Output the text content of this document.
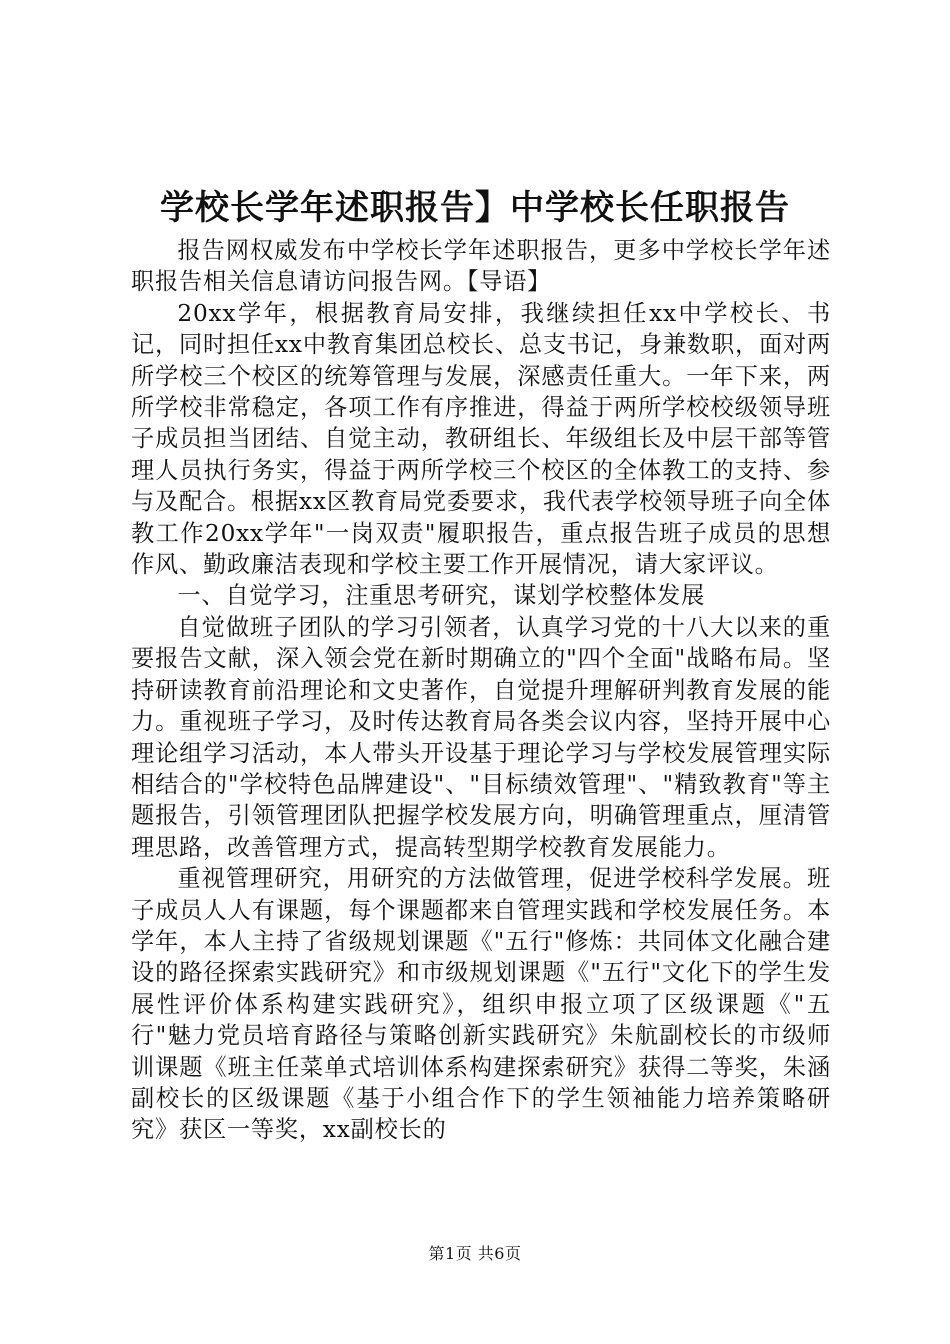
学校长学年述职报告】中学校长任职报告

报告网权威发布中学校长学年述职报告，更多中学校长学年述职报告相关信息请访问报告网。【导语】

20xx学年，根据教育局安排，我继续担任xx中学校长、书记，同时担任xx中教育集团总校长、总支书记，身兼数职，面对两所学校三个校区的统筹管理与发展，深感责任重大。一年下来，两所学校非常稳定，各项工作有序推进，得益于两所学校校级领导班子成员担当团结、自觉主动，教研组长、年级组长及中层干部等管理人员执行务实，得益于两所学校三个校区的全体教工的支持、参与及配合。根据xx区教育局党委要求，我代表学校领导班子向全体教工作20xx学年"一岗双责"履职报告，重点报告班子成员的思想作风、勤政廉洁表现和学校主要工作开展情况，请大家评议。

一、自觉学习，注重思考研究，谋划学校整体发展

自觉做班子团队的学习引领者，认真学习党的十八大以来的重要报告文献，深入领会党在新时期确立的"四个全面"战略布局。坚持研读教育前沿理论和文史著作，自觉提升理解研判教育发展的能力。重视班子学习，及时传达教育局各类会议内容，坚持开展中心理论组学习活动，本人带头开设基于理论学习与学校发展管理实际相结合的"学校特色品牌建设"、"目标绩效管理"、"精致教育"等主题报告，引领管理团队把握学校发展方向，明确管理重点，厘清管理思路，改善管理方式，提高转型期学校教育发展能力。

重视管理研究，用研究的方法做管理，促进学校科学发展。班子成员人人有课题，每个课题都来自管理实践和学校发展任务。本学年，本人主持了省级规划课题《"五行"修炼：共同体文化融合建设的路径探索实践研究》和市级规划课题《"五行"文化下的学生发展性评价体系构建实践研究》，组织申报立项了区级课题《"五行"魅力党员培育路径与策略创新实践研究》朱航副校长的市级师训课题《班主任菜单式培训体系构建探索研究》获得二等奖，朱涵副校长的区级课题《基于小组合作下的学生领袖能力培养策略研究》获区一等奖，xx副校长的

第1页 共6页
